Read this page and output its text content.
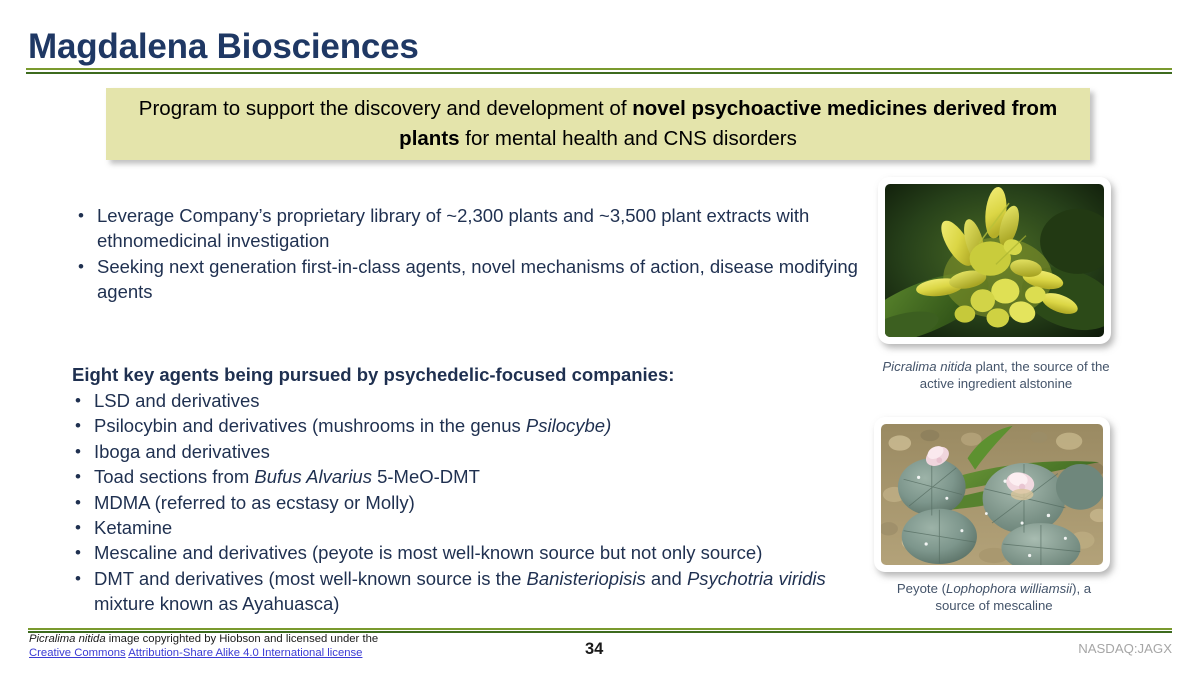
Magdalena Biosciences
Program to support the discovery and development of novel psychoactive medicines derived from plants for mental health and CNS disorders
• Leverage Company’s proprietary library of ~2,300 plants and ~3,500 plant extracts with ethnomedicinal investigation
• Seeking next generation first-in-class agents, novel mechanisms of action, disease modifying agents
Eight key agents being pursued by psychedelic-focused companies:
• LSD and derivatives
• Psilocybin and derivatives (mushrooms in the genus Psilocybe)
• Iboga and derivatives
• Toad sections from Bufus Alvarius 5-MeO-DMT
• MDMA (referred to as ecstasy or Molly)
• Ketamine
• Mescaline and derivatives (peyote is most well-known source but not only source)
• DMT and derivatives (most well-known source is the Banisteriopisis and Psychotria viridis mixture known as Ayahuasca)
Picralima nitida plant, the source of the active ingredient alstonine
Peyote (Lophophora williamsii), a source of mescaline
Picralima nitida image copyrighted by Hiobson and licensed under the
Creative Commons Attribution-Share Alike 4.0 International license	34	NASDAQ:JAGX
